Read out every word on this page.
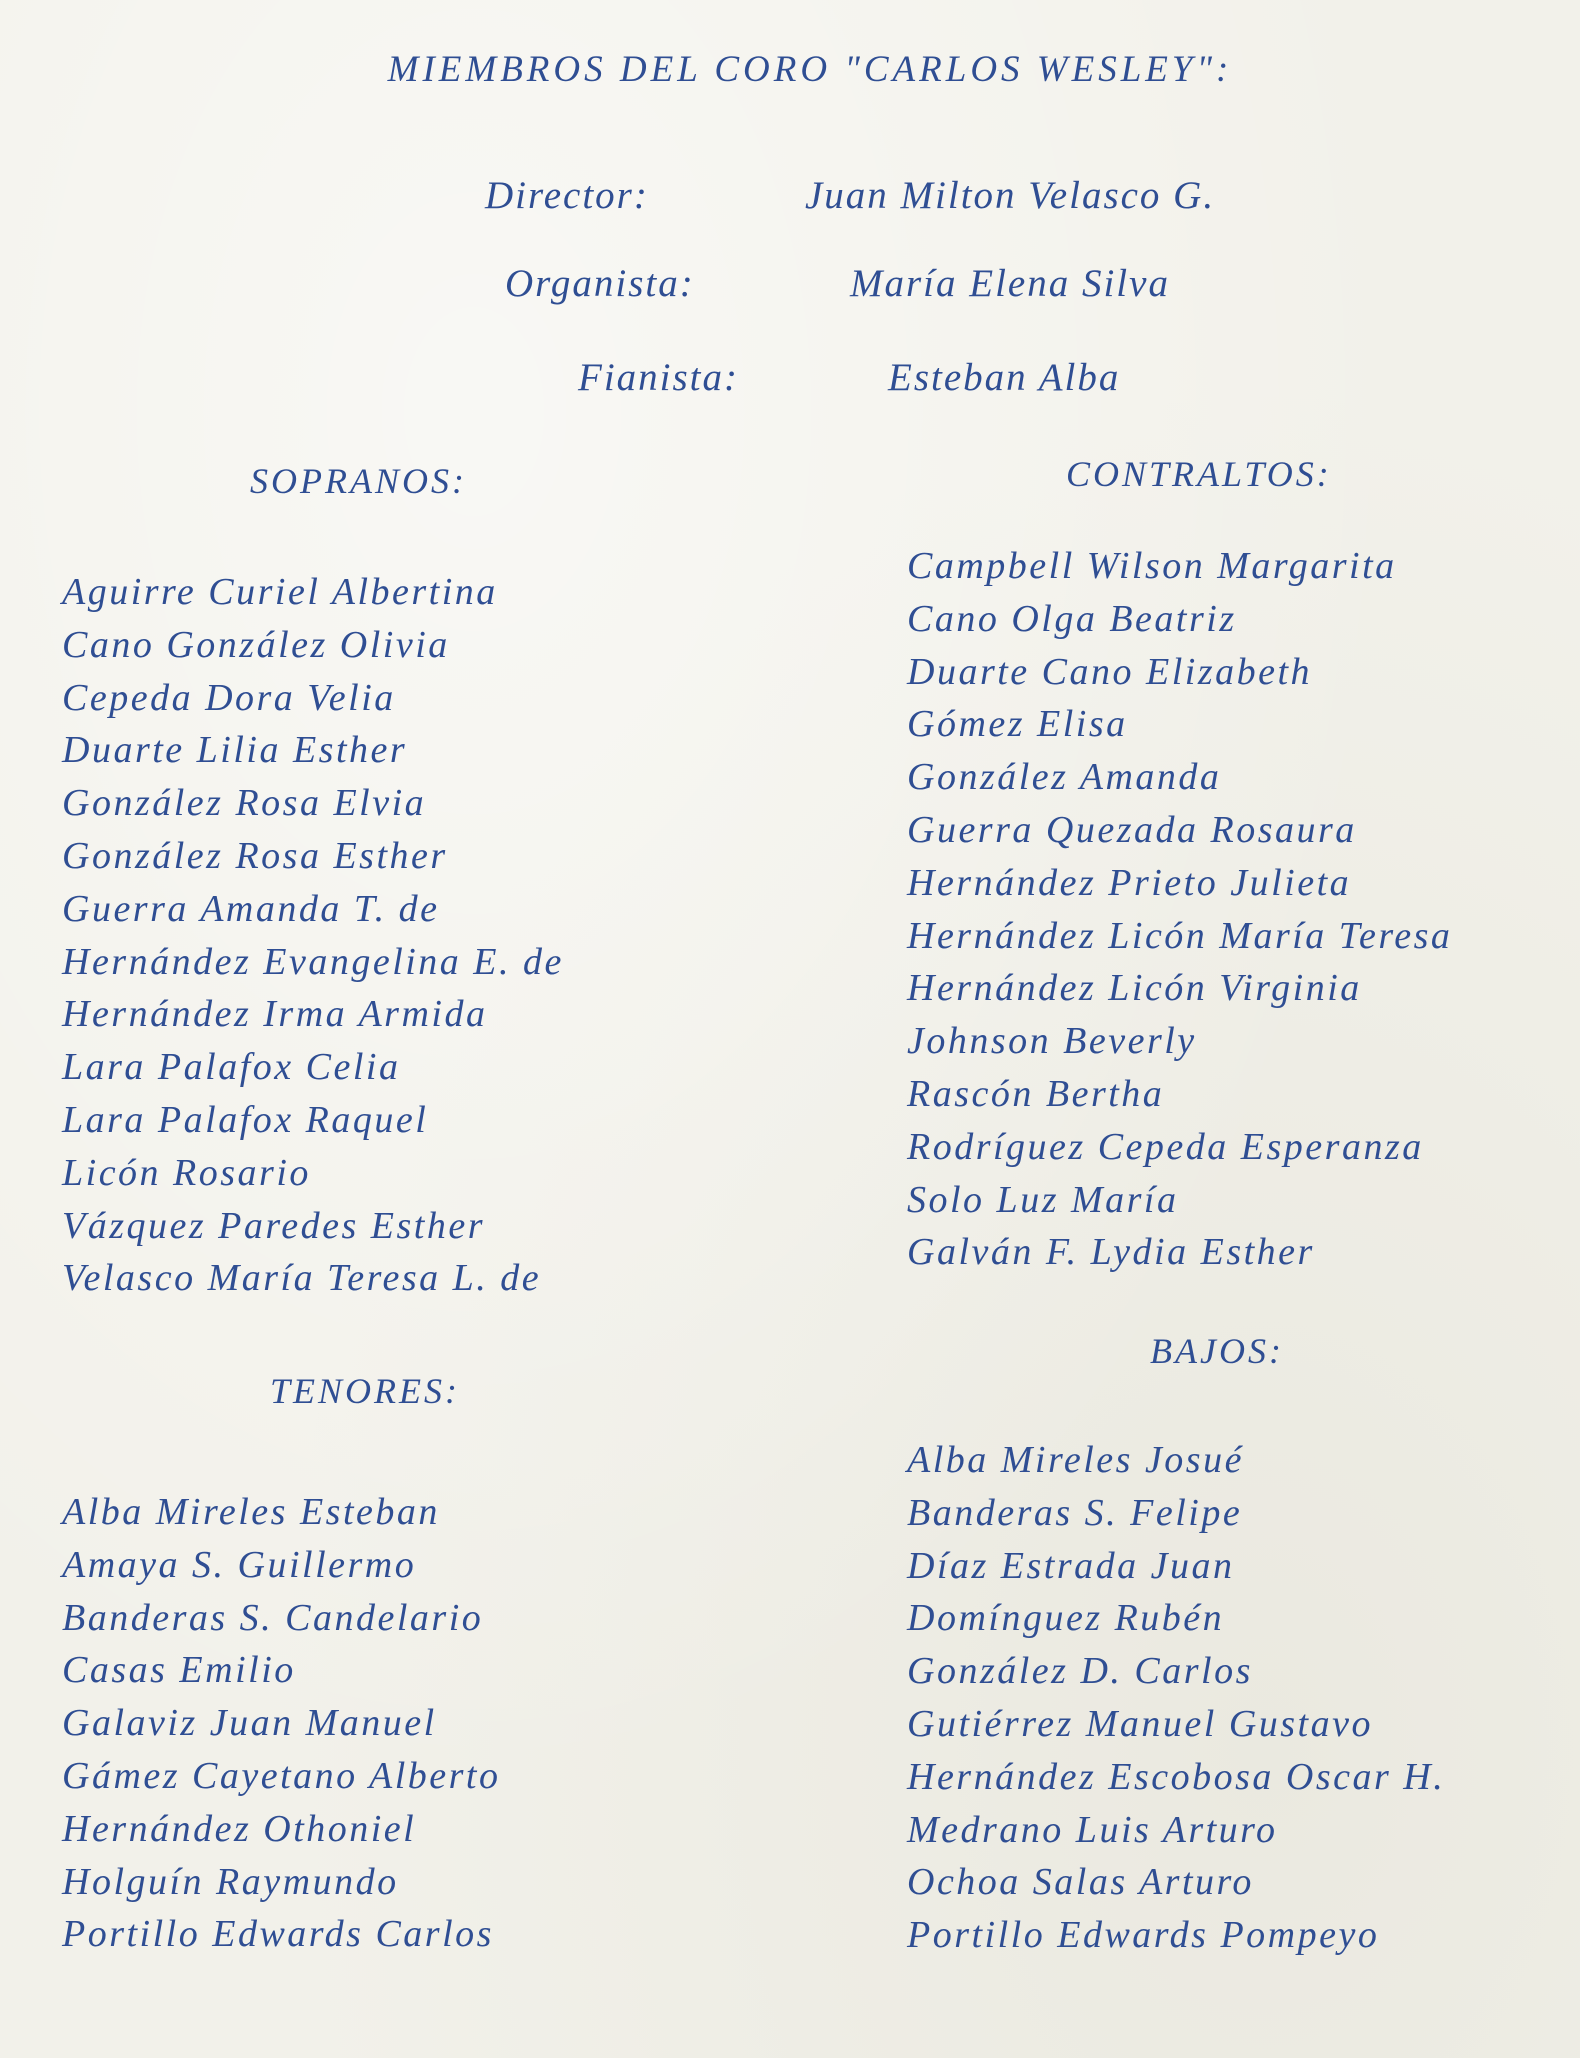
MIEMBROS DEL CORO "CARLOS WESLEY":
Director:	Juan Milton Velasco G.
Organista:	María Elena Silva
Fianista:	Esteban Alba
SOPRANOS:
Aguirre Curiel Albertina
Cano González Olivia
Cepeda Dora Velia
Duarte Lilia Esther
González Rosa Elvia
González Rosa Esther
Guerra Amanda T. de
Hernández Evangelina E. de
Hernández Irma Armida
Lara Palafox Celia
Lara Palafox Raquel
Licón Rosario
Vázquez Paredes Esther
Velasco María Teresa L. de
CONTRALTOS:
Campbell Wilson Margarita
Cano Olga Beatriz
Duarte Cano Elizabeth
Gómez Elisa
González Amanda
Guerra Quezada Rosaura
Hernández Prieto Julieta
Hernández Licón María Teresa
Hernández Licón Virginia
Johnson Beverly
Rascón Bertha
Rodríguez Cepeda Esperanza
Solo Luz María
Galván F. Lydia Esther
TENORES:
Alba Mireles Esteban
Amaya S. Guillermo
Banderas S. Candelario
Casas Emilio
Galaviz Juan Manuel
Gámez Cayetano Alberto
Hernández Othoniel
Holguín Raymundo
Portillo Edwards Carlos
BAJOS:
Alba Mireles Josué
Banderas S. Felipe
Díaz Estrada Juan
Domínguez Rubén
González D. Carlos
Gutiérrez Manuel Gustavo
Hernández Escobosa Oscar H.
Medrano Luis Arturo
Ochoa Salas Arturo
Portillo Edwards Pompeyo
